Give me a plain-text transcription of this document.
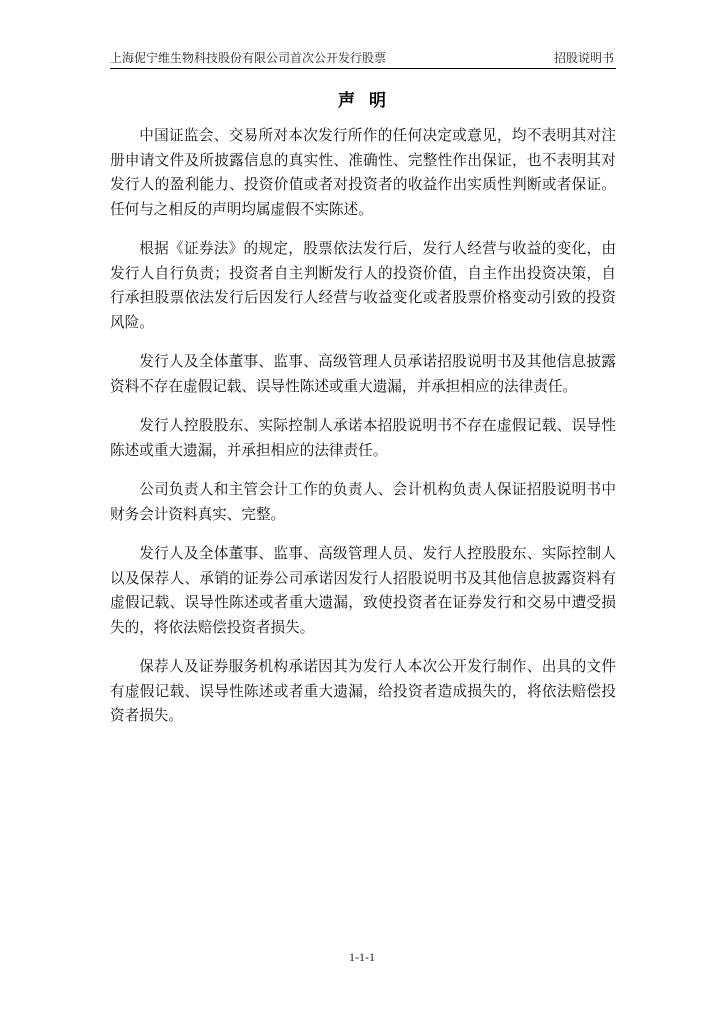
上海伲宁维生物科技股份有限公司首次公开发行股票	招股说明书
声明

中国证监会、交易所对本次发行所作的任何决定或意见，均不表明其对注册申请文件及所披露信息的真实性、准确性、完整性作出保证，也不表明其对发行人的盈利能力、投资价值或者对投资者的收益作出实质性判断或者保证。任何与之相反的声明均属虚假不实陈述。

根据《证券法》的规定，股票依法发行后，发行人经营与收益的变化，由发行人自行负责；投资者自主判断发行人的投资价值，自主作出投资决策，自行承担股票依法发行后因发行人经营与收益变化或者股票价格变动引致的投资风险。

发行人及全体董事、监事、高级管理人员承诺招股说明书及其他信息披露资料不存在虚假记载、误导性陈述或重大遗漏，并承担相应的法律责任。

发行人控股股东、实际控制人承诺本招股说明书不存在虚假记载、误导性陈述或重大遗漏，并承担相应的法律责任。

公司负责人和主管会计工作的负责人、会计机构负责人保证招股说明书中财务会计资料真实、完整。

发行人及全体董事、监事、高级管理人员、发行人控股股东、实际控制人以及保荐人、承销的证券公司承诺因发行人招股说明书及其他信息披露资料有虚假记载、误导性陈述或者重大遗漏，致使投资者在证券发行和交易中遭受损失的，将依法赔偿投资者损失。

保荐人及证券服务机构承诺因其为发行人本次公开发行制作、出具的文件有虚假记载、误导性陈述或者重大遗漏，给投资者造成损失的，将依法赔偿投资者损失。

1-1-1
